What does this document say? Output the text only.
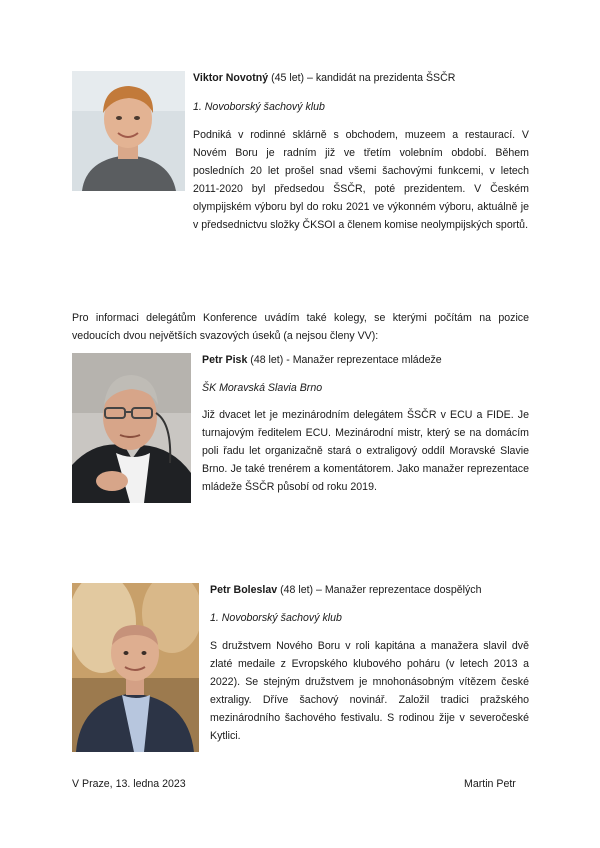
Viktor Novotný (45 let) – kandidát na prezidenta ŠSČR
1. Novoborský šachový klub
Podniká v rodinné sklárně s obchodem, muzeem a restaurací. V Novém Boru je radním již ve třetím volebním období. Během posledních 20 let prošel snad všemi šachovými funkcemi, v letech 2011-2020 byl předsedou ŠSČR, poté prezidentem. V Českém olympijském výboru byl do roku 2021 ve výkonném výboru, aktuálně je v předsednictvu složky ČKSOI a členem komise neolympijských sportů.
Pro informaci delegátům Konference uvádím také kolegy, se kterými počítám na pozice vedoucích dvou největších svazových úseků (a nejsou členy VV):
Petr Pisk (48 let) - Manažer reprezentace mládeže
ŠK Moravská Slavia Brno
Již dvacet let je mezinárodním delegátem ŠSČR v ECU a FIDE. Je turnajovým ředitelem ECU. Mezinárodní mistr, který se na domácím poli řadu let organizačně stará o extraligový oddíl Moravské Slavie Brno. Je také trenérem a komentátorem. Jako manažer reprezentace mládeže ŠSČR působí od roku 2019.
Petr Boleslav (48 let) – Manažer reprezentace dospělých
1. Novoborský šachový klub
S družstvem Nového Boru v roli kapitána a manažera slavil dvě zlaté medaile z Evropského klubového poháru (v letech 2013 a 2022). Se stejným družstvem je mnohonásobným vítězem české extraligy. Dříve šachový novinář. Založil tradici pražského mezinárodního šachového festivalu. S rodinou žije v severočeské Kytlici.
V Praze, 13. ledna 2023	Martin Petr
